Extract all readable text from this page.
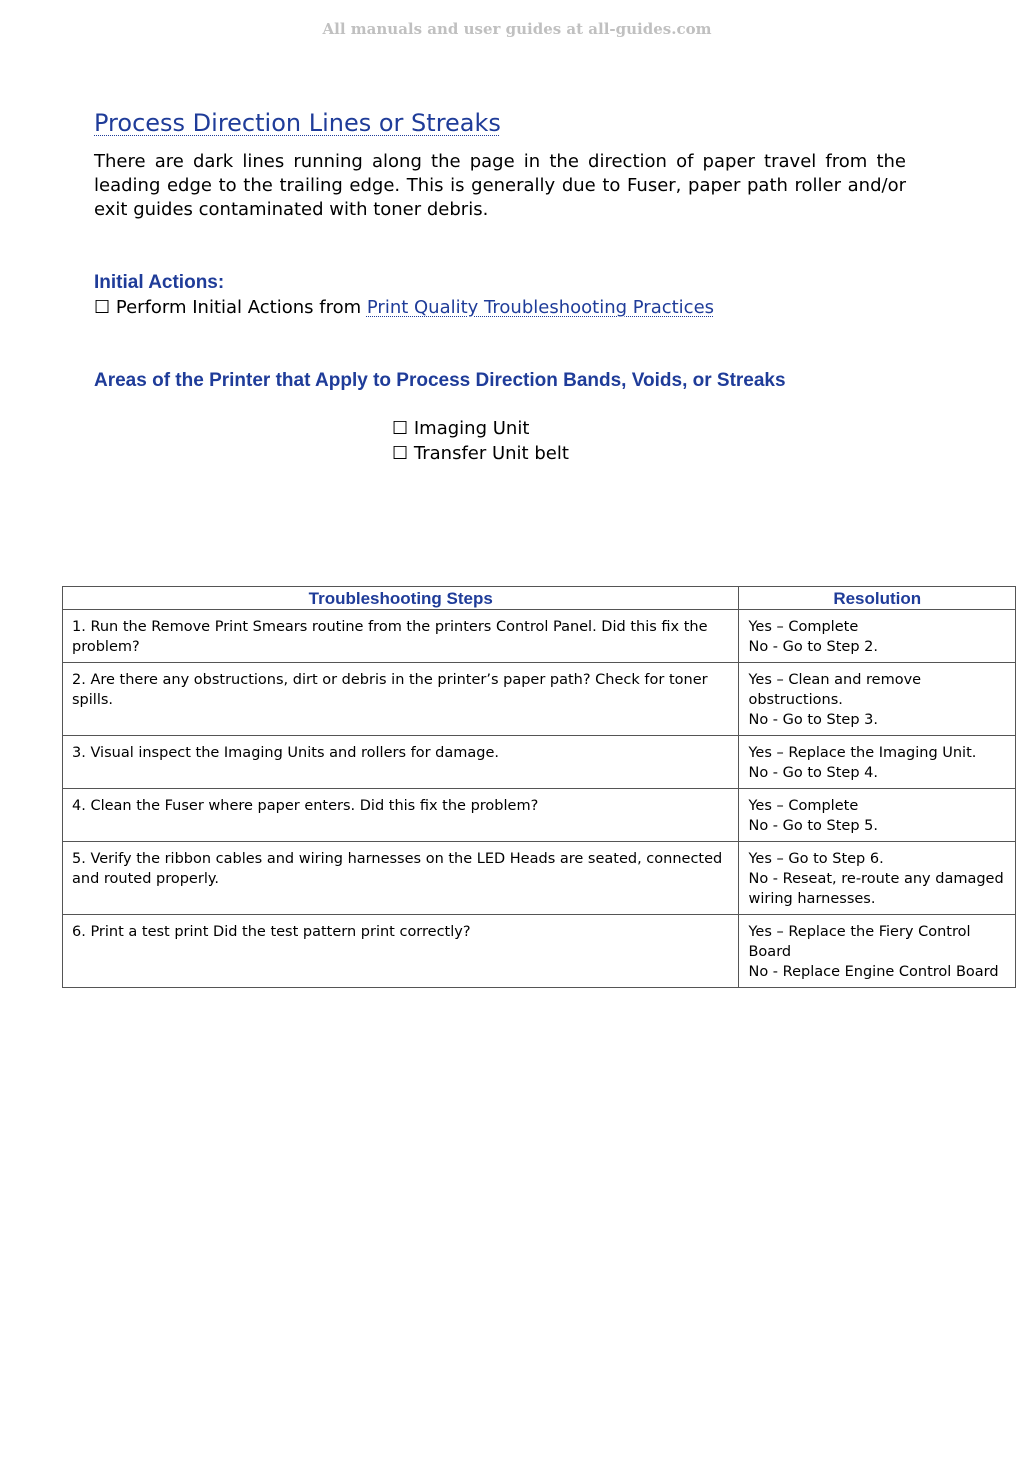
All manuals and user guides at all-guides.com
Process Direction Lines or Streaks
There are dark lines running along the page in the direction of paper travel from the leading edge to the trailing edge. This is generally due to Fuser, paper path roller and/or exit guides contaminated with toner debris.
Initial Actions:
☐ Perform Initial Actions from Print Quality Troubleshooting Practices
Areas of the Printer that Apply to Process Direction Bands, Voids, or Streaks
☐ Imaging Unit
☐ Transfer Unit belt
Troubleshooting Steps	Resolution
1. Run the Remove Print Smears routine from the printers Control Panel. Did this fix the problem?	Yes – Complete
No - Go to Step 2.

2. Are there any obstructions, dirt or debris in the printer’s paper path? Check for toner spills.	Yes – Clean and remove obstructions.
No - Go to Step 3.

3. Visual inspect the Imaging Units and rollers for damage.	Yes – Replace the Imaging Unit.
No - Go to Step 4.

4. Clean the Fuser where paper enters. Did this fix the problem?	Yes – Complete
No - Go to Step 5.

5. Verify the ribbon cables and wiring harnesses on the LED Heads are seated, connected and routed properly.	Yes – Go to Step 6.
No - Reseat, re-route any damaged wiring harnesses.

6. Print a test print Did the test pattern print correctly?	Yes – Replace the Fiery Control Board
No - Replace Engine Control Board
